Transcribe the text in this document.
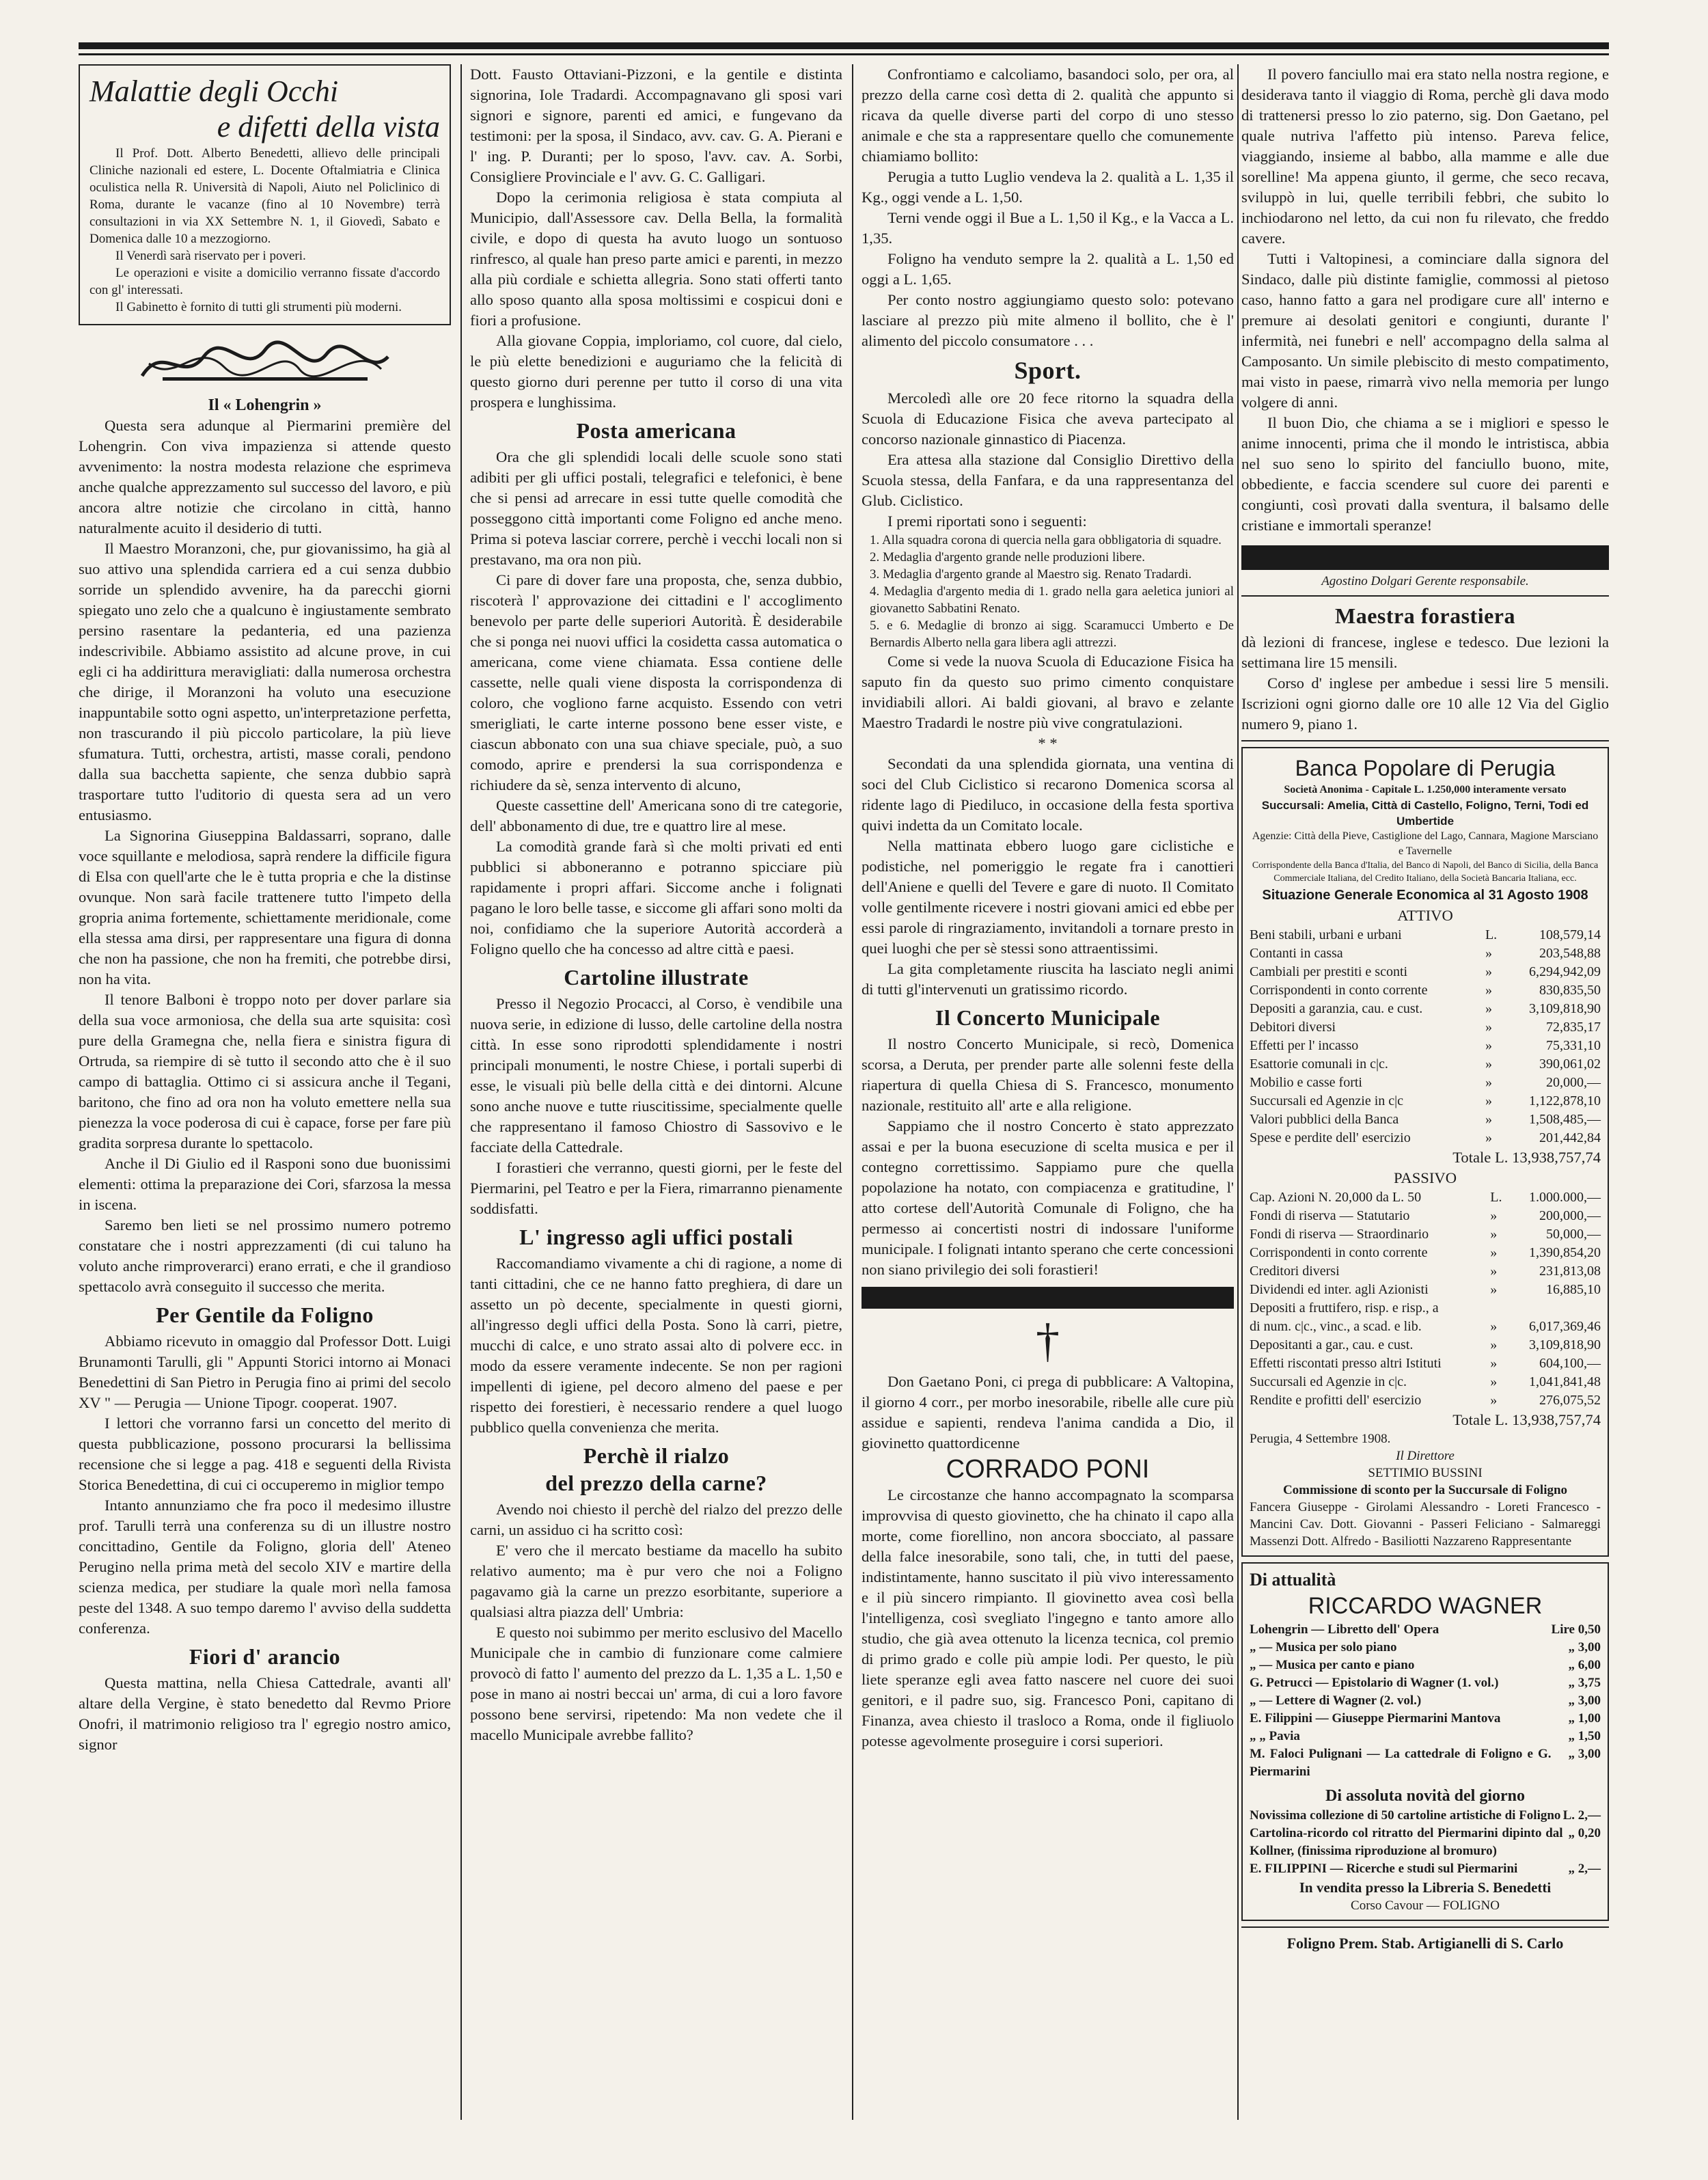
Malattie degli Occhi
e difetti della vista

Il Prof. Dott. Alberto Benedetti, allievo delle principali Cliniche nazionali ed estere, L. Docente Oftalmiatria e Clinica oculistica nella R. Università di Napoli, Aiuto nel Policlinico di Roma, durante le vacanze (fino al 10 Novembre) terrà consultazioni in via XX Settembre N. 1, il Giovedì, Sabato e Domenica dalle 10 a mezzogiorno.

Il Venerdì sarà riservato per i poveri.

Le operazioni e visite a domicilio verranno fissate d'accordo con gl' interessati.

Il Gabinetto è fornito di tutti gli strumenti più moderni.

Il « Lohengrin »

Questa sera adunque al Piermarini première del Lohengrin. Con viva impazienza si attende questo avvenimento: la nostra modesta relazione che esprimeva anche qualche apprezzamento sul successo del lavoro, e più ancora altre notizie che circolano in città, hanno naturalmente acuito il desiderio di tutti.

Il Maestro Moranzoni, che, pur giovanissimo, ha già al suo attivo una splendida carriera ed a cui senza dubbio sorride un splendido avvenire, ha da parecchi giorni spiegato uno zelo che a qualcuno è ingiustamente sembrato persino rasentare la pedanteria, ed una pazienza indescrivibile. Abbiamo assistito ad alcune prove, in cui egli ci ha addirittura meravigliati: dalla numerosa orchestra che dirige, il Moranzoni ha voluto una esecuzione inappuntabile sotto ogni aspetto, un'interpretazione perfetta, non trascurando il più piccolo particolare, la più lieve sfumatura. Tutti, orchestra, artisti, masse corali, pendono dalla sua bacchetta sapiente, che senza dubbio saprà trasportare tutto l'uditorio di questa sera ad un vero entusiasmo.

La Signorina Giuseppina Baldassarri, soprano, dalle voce squillante e melodiosa, saprà rendere la difficile figura di Elsa con quell'arte che le è tutta propria e che la distinse ovunque. Non sarà facile trattenere tutto l'impeto della gropria anima fortemente, schiettamente meridionale, come ella stessa ama dirsi, per rappresentare una figura di donna che non ha passione, che non ha fremiti, che potrebbe dirsi, non ha vita.

Il tenore Balboni è troppo noto per dover parlare sia della sua voce armoniosa, che della sua arte squisita: così pure della Gramegna che, nella fiera e sinistra figura di Ortruda, sa riempire di sè tutto il secondo atto che è il suo campo di battaglia. Ottimo ci si assicura anche il Tegani, baritono, che fino ad ora non ha voluto emettere nella sua pienezza la voce poderosa di cui è capace, forse per fare più gradita sorpresa durante lo spettacolo.

Anche il Di Giulio ed il Rasponi sono due buonissimi elementi: ottima la preparazione dei Cori, sfarzosa la messa in iscena.

Saremo ben lieti se nel prossimo numero potremo constatare che i nostri apprezzamenti (di cui taluno ha voluto anche rimproverarci) erano errati, e che il grandioso spettacolo avrà conseguito il successo che merita.

Per Gentile da Foligno

Abbiamo ricevuto in omaggio dal Professor Dott. Luigi Brunamonti Tarulli, gli " Appunti Storici intorno ai Monaci Benedettini di San Pietro in Perugia fino ai primi del secolo XV " — Perugia — Unione Tipogr. cooperat. 1907.

I lettori che vorranno farsi un concetto del merito di questa pubblicazione, possono procurarsi la bellissima recensione che si legge a pag. 418 e seguenti della Rivista Storica Benedettina, di cui ci occuperemo in miglior tempo

Intanto annunziamo che fra poco il medesimo illustre prof. Tarulli terrà una conferenza su di un illustre nostro concittadino, Gentile da Foligno, gloria dell' Ateneo Perugino nella prima metà del secolo XIV e martire della scienza medica, per studiare la quale morì nella famosa peste del 1348. A suo tempo daremo l' avviso della suddetta conferenza.

Fiori d' arancio

Questa mattina, nella Chiesa Cattedrale, avanti all' altare della Vergine, è stato benedetto dal Revmo Priore Onofri, il matrimonio religioso tra l' egregio nostro amico, signor

Dott. Fausto Ottaviani-Pizzoni, e la gentile e distinta signorina, Iole Tradardi. Accompagnavano gli sposi vari signori e signore, parenti ed amici, e fungevano da testimoni: per la sposa, il Sindaco, avv. cav. G. A. Pierani e l' ing. P. Duranti; per lo sposo, l'avv. cav. A. Sorbi, Consigliere Provinciale e l' avv. G. C. Galligari.

Dopo la cerimonia religiosa è stata compiuta al Municipio, dall'Assessore cav. Della Bella, la formalità civile, e dopo di questa ha avuto luogo un sontuoso rinfresco, al quale han preso parte amici e parenti, in mezzo alla più cordiale e schietta allegria. Sono stati offerti tanto allo sposo quanto alla sposa moltissimi e cospicui doni e fiori a profusione.

Alla giovane Coppia, imploriamo, col cuore, dal cielo, le più elette benedizioni e auguriamo che la felicità di questo giorno duri perenne per tutto il corso di una vita prospera e lunghissima.

Posta americana

Ora che gli splendidi locali delle scuole sono stati adibiti per gli uffici postali, telegrafici e telefonici, è bene che si pensi ad arrecare in essi tutte quelle comodità che posseggono città importanti come Foligno ed anche meno. Prima si poteva lasciar correre, perchè i vecchi locali non si prestavano, ma ora non più.

Ci pare di dover fare una proposta, che, senza dubbio, riscoterà l' approvazione dei cittadini e l' accoglimento benevolo per parte delle superiori Autorità. È desiderabile che si ponga nei nuovi uffici la cosidetta cassa automatica o americana, come viene chiamata. Essa contiene delle cassette, nelle quali viene disposta la corrispondenza di coloro, che vogliono farne acquisto. Essendo con vetri smerigliati, le carte interne possono bene esser viste, e ciascun abbonato con una sua chiave speciale, può, a suo comodo, aprire e prendersi la sua corrispondenza e richiudere da sè, senza intervento di alcuno,

Queste cassettine dell' Americana sono di tre categorie, dell' abbonamento di due, tre e quattro lire al mese.

La comodità grande farà sì che molti privati ed enti pubblici si abboneranno e potranno spicciare più rapidamente i propri affari. Siccome anche i folignati pagano le loro belle tasse, e siccome gli affari sono molti da noi, confidiamo che la superiore Autorità accorderà a Foligno quello che ha concesso ad altre città e paesi.

Cartoline illustrate

Presso il Negozio Procacci, al Corso, è vendibile una nuova serie, in edizione di lusso, delle cartoline della nostra città. In esse sono riprodotti splendidamente i nostri principali monumenti, le nostre Chiese, i portali superbi di esse, le visuali più belle della città e dei dintorni. Alcune sono anche nuove e tutte riuscitissime, specialmente quelle che rappresentano il famoso Chiostro di Sassovivo e le facciate della Cattedrale.

I forastieri che verranno, questi giorni, per le feste del Piermarini, pel Teatro e per la Fiera, rimarranno pienamente soddisfatti.

L' ingresso agli uffici postali

Raccomandiamo vivamente a chi di ragione, a nome di tanti cittadini, che ce ne hanno fatto preghiera, di dare un assetto un pò decente, specialmente in questi giorni, all'ingresso degli uffici della Posta. Sono là carri, pietre, mucchi di calce, e uno strato assai alto di polvere ecc. in modo da essere veramente indecente. Se non per ragioni impellenti di igiene, pel decoro almeno del paese e per rispetto dei forestieri, è necessario rendere a quel luogo pubblico quella convenienza che merita.

Perchè il rialzo
del prezzo della carne?

Avendo noi chiesto il perchè del rialzo del prezzo delle carni, un assiduo ci ha scritto così:

E' vero che il mercato bestiame da macello ha subito relativo aumento; ma è pur vero che noi a Foligno pagavamo già la carne un prezzo esorbitante, superiore a qualsiasi altra piazza dell' Umbria:

E questo noi subimmo per merito esclusivo del Macello Municipale che in cambio di funzionare come calmiere provocò di fatto l' aumento del prezzo da L. 1,35 a L. 1,50 e pose in mano ai nostri beccai un' arma, di cui a loro favore possono bene servirsi, ripetendo: Ma non vedete che il macello Municipale avrebbe fallito?

Confrontiamo e calcoliamo, basandoci solo, per ora, al prezzo della carne così detta di 2. qualità che appunto si ricava da quelle diverse parti del corpo di uno stesso animale e che sta a rappresentare quello che comunemente chiamiamo bollito:

Perugia a tutto Luglio vendeva la 2. qualità a L. 1,35 il Kg., oggi vende a L. 1,50.

Terni vende oggi il Bue a L. 1,50 il Kg., e la Vacca a L. 1,35.

Foligno ha venduto sempre la 2. qualità a L. 1,50 ed oggi a L. 1,65.

Per conto nostro aggiungiamo questo solo: potevano lasciare al prezzo più mite almeno il bollito, che è l' alimento del piccolo consumatore . . .

Sport.

Mercoledì alle ore 20 fece ritorno la squadra della Scuola di Educazione Fisica che aveva partecipato al concorso nazionale ginnastico di Piacenza.

Era attesa alla stazione dal Consiglio Direttivo della Scuola stessa, della Fanfara, e da una rappresentanza del Glub. Ciclistico.

I premi riportati sono i seguenti:

1. Alla squadra corona di quercia nella gara obbligatoria di squadre.

2. Medaglia d'argento grande nelle produzioni libere.

3. Medaglia d'argento grande al Maestro sig. Renato Tradardi.

4. Medaglia d'argento media di 1. grado nella gara aeletica juniori al giovanetto Sabbatini Renato.

5. e 6. Medaglie di bronzo ai sigg. Scaramucci Umberto e De Bernardis Alberto nella gara libera agli attrezzi.

Come si vede la nuova Scuola di Educazione Fisica ha saputo fin da questo suo primo cimento conquistare invidiabili allori. Ai baldi giovani, al bravo e zelante Maestro Tradardi le nostre più vive congratulazioni.

* *

Secondati da una splendida giornata, una ventina di soci del Club Ciclistico si recarono Domenica scorsa al ridente lago di Piediluco, in occasione della festa sportiva quivi indetta da un Comitato locale.

Nella mattinata ebbero luogo gare ciclistiche e podistiche, nel pomeriggio le regate fra i canottieri dell'Aniene e quelli del Tevere e gare di nuoto. Il Comitato volle gentilmente ricevere i nostri giovani amici ed ebbe per essi parole di ringraziamento, invitandoli a tornare presto in quei luoghi che per sè stessi sono attraentissimi.

La gita completamente riuscita ha lasciato negli animi di tutti gl'intervenuti un gratissimo ricordo.

Il Concerto Municipale

Il nostro Concerto Municipale, si recò, Domenica scorsa, a Deruta, per prender parte alle solenni feste della riapertura di quella Chiesa di S. Francesco, monumento nazionale, restituito all' arte e alla religione.

Sappiamo che il nostro Concerto è stato apprezzato assai e per la buona esecuzione di scelta musica e per il contegno correttissimo. Sappiamo pure che quella popolazione ha notato, con compiacenza e gratitudine, l' atto cortese dell'Autorità Comunale di Foligno, che ha permesso ai concertisti nostri di indossare l'uniforme municipale. I folignati intanto sperano che certe concessioni non siano privilegio dei soli forastieri!

†

Don Gaetano Poni, ci prega di pubblicare: A Valtopina, il giorno 4 corr., per morbo inesorabile, ribelle alle cure più assidue e sapienti, rendeva l'anima candida a Dio, il giovinetto quattordicenne

CORRADO PONI

Le circostanze che hanno accompagnato la scomparsa improvvisa di questo giovinetto, che ha chinato il capo alla morte, come fiorellino, non ancora sbocciato, al passare della falce inesorabile, sono tali, che, in tutti del paese, indistintamente, hanno suscitato il più vivo interessamento e il più sincero rimpianto. Il giovinetto avea così bella l'intelligenza, così svegliato l'ingegno e tanto amore allo studio, che già avea ottenuto la licenza tecnica, col premio di primo grado e colle più ampie lodi. Per questo, le più liete speranze egli avea fatto nascere nel cuore dei suoi genitori, e il padre suo, sig. Francesco Poni, capitano di Finanza, avea chiesto il trasloco a Roma, onde il figliuolo potesse agevolmente proseguire i corsi superiori.

Il povero fanciullo mai era stato nella nostra regione, e desiderava tanto il viaggio di Roma, perchè gli dava modo di trattenersi presso lo zio paterno, sig. Don Gaetano, pel quale nutriva l'affetto più intenso. Pareva felice, viaggiando, insieme al babbo, alla mamme e alle due sorelline! Ma appena giunto, il germe, che seco recava, sviluppò in lui, quelle terribili febbri, che subito lo inchiodarono nel letto, da cui non fu rilevato, che freddo cavere.

Tutti i Valtopinesi, a cominciare dalla signora del Sindaco, dalle più distinte famiglie, commossi al pietoso caso, hanno fatto a gara nel prodigare cure all' interno e premure ai desolati genitori e congiunti, durante l' infermità, nei funebri e nell' accompagno della salma al Camposanto. Un simile plebiscito di mesto compatimento, mai visto in paese, rimarrà vivo nella memoria per lungo volgere di anni.

Il buon Dio, che chiama a se i migliori e spesso le anime innocenti, prima che il mondo le intristisca, abbia nel suo seno lo spirito del fanciullo buono, mite, obbediente, e faccia scendere sul cuore dei parenti e congiunti, così provati dalla sventura, il balsamo delle cristiane e immortali speranze!

Agostino Dolgari Gerente responsabile.
Maestra forastiera

dà lezioni di francese, inglese e tedesco. Due lezioni la settimana lire 15 mensili.

Corso d' inglese per ambedue i sessi lire 5 mensili. Iscrizioni ogni giorno dalle ore 10 alle 12 Via del Giglio numero 9, piano 1.

Banca Popolare di Perugia
Società Anonima - Capitale L. 1.250,000 interamente versato
Succursali: Amelia, Città di Castello, Foligno, Terni, Todi ed Umbertide
Agenzie: Città della Pieve, Castiglione del Lago, Cannara, Magione Marsciano e Tavernelle
Corrispondente della Banca d'Italia, del Banco di Napoli, del Banco di Sicilia, della Banca Commerciale Italiana, del Credito Italiano, della Società Bancaria Italiana, ecc.
Situazione Generale Economica al 31 Agosto 1908
ATTIVO
Beni stabili, urbani e urbani	L.	108,579,14
Contanti in cassa	»	203,548,88
Cambiali per prestiti e sconti	»	6,294,942,09
Corrispondenti in conto corrente	»	830,835,50
Depositi a garanzia, cau. e cust.	»	3,109,818,90
Debitori diversi	»	72,835,17
Effetti per l' incasso	»	75,331,10
Esattorie comunali in c|c.	»	390,061,02
Mobilio e casse forti	»	20,000,—
Succursali ed Agenzie in c|c	»	1,122,878,10
Valori pubblici della Banca	»	1,508,485,—
Spese e perdite dell' esercizio	»	201,442,84
Totale L. 13,938,757,74
PASSIVO
Cap. Azioni N. 20,000 da L. 50	L.	1.000.000,—
Fondi di riserva — Statutario	»	200,000,—
Fondi di riserva — Straordinario	»	50,000,—
Corrispondenti in conto corrente	»	1,390,854,20
Creditori diversi	»	231,813,08
Dividendi ed inter. agli Azionisti	»	16,885,10
Depositi a fruttifero, risp. e risp., a		
di num. c|c., vinc., a scad. e lib.	»	6,017,369,46
Depositanti a gar., cau. e cust.	»	3,109,818,90
Effetti riscontati presso altri Istituti	»	604,100,—
Succursali ed Agenzie in c|c.	»	1,041,841,48
Rendite e profitti dell' esercizio	»	276,075,52
Totale L. 13,938,757,74
Perugia, 4 Settembre 1908.
Il Direttore
SETTIMIO BUSSINI
Commissione di sconto per la Succursale di Foligno
Fancera Giuseppe - Girolami Alessandro - Loreti Francesco - Mancini Cav. Dott. Giovanni - Passeri Feliciano - Salmareggi Massenzi Dott. Alfredo - Basiliotti Nazzareno Rappresentante
Di attualità
RICCARDO WAGNER
Lohengrin — Libretto dell' Opera	Lire 0,50
„ — Musica per solo piano	„ 3,00
„ — Musica per canto e piano	„ 6,00
G. Petrucci — Epistolario di Wagner (1. vol.)	„ 3,75
„ — Lettere di Wagner (2. vol.)	„ 3,00
E. Filippini — Giuseppe Piermarini Mantova	„ 1,00
„ „ Pavia	„ 1,50
M. Faloci Pulignani — La cattedrale di Foligno e G. Piermarini	„ 3,00
Di assoluta novità del giorno
Novissima collezione di 50 cartoline artistiche di Foligno	L. 2,—
Cartolina-ricordo col ritratto del Piermarini dipinto dal Kollner, (finissima riproduzione al bromuro)	„ 0,20
E. FILIPPINI — Ricerche e studi sul Piermarini	„ 2,—
In vendita presso la Libreria S. Benedetti
Corso Cavour — FOLIGNO
Foligno Prem. Stab. Artigianelli di S. Carlo
